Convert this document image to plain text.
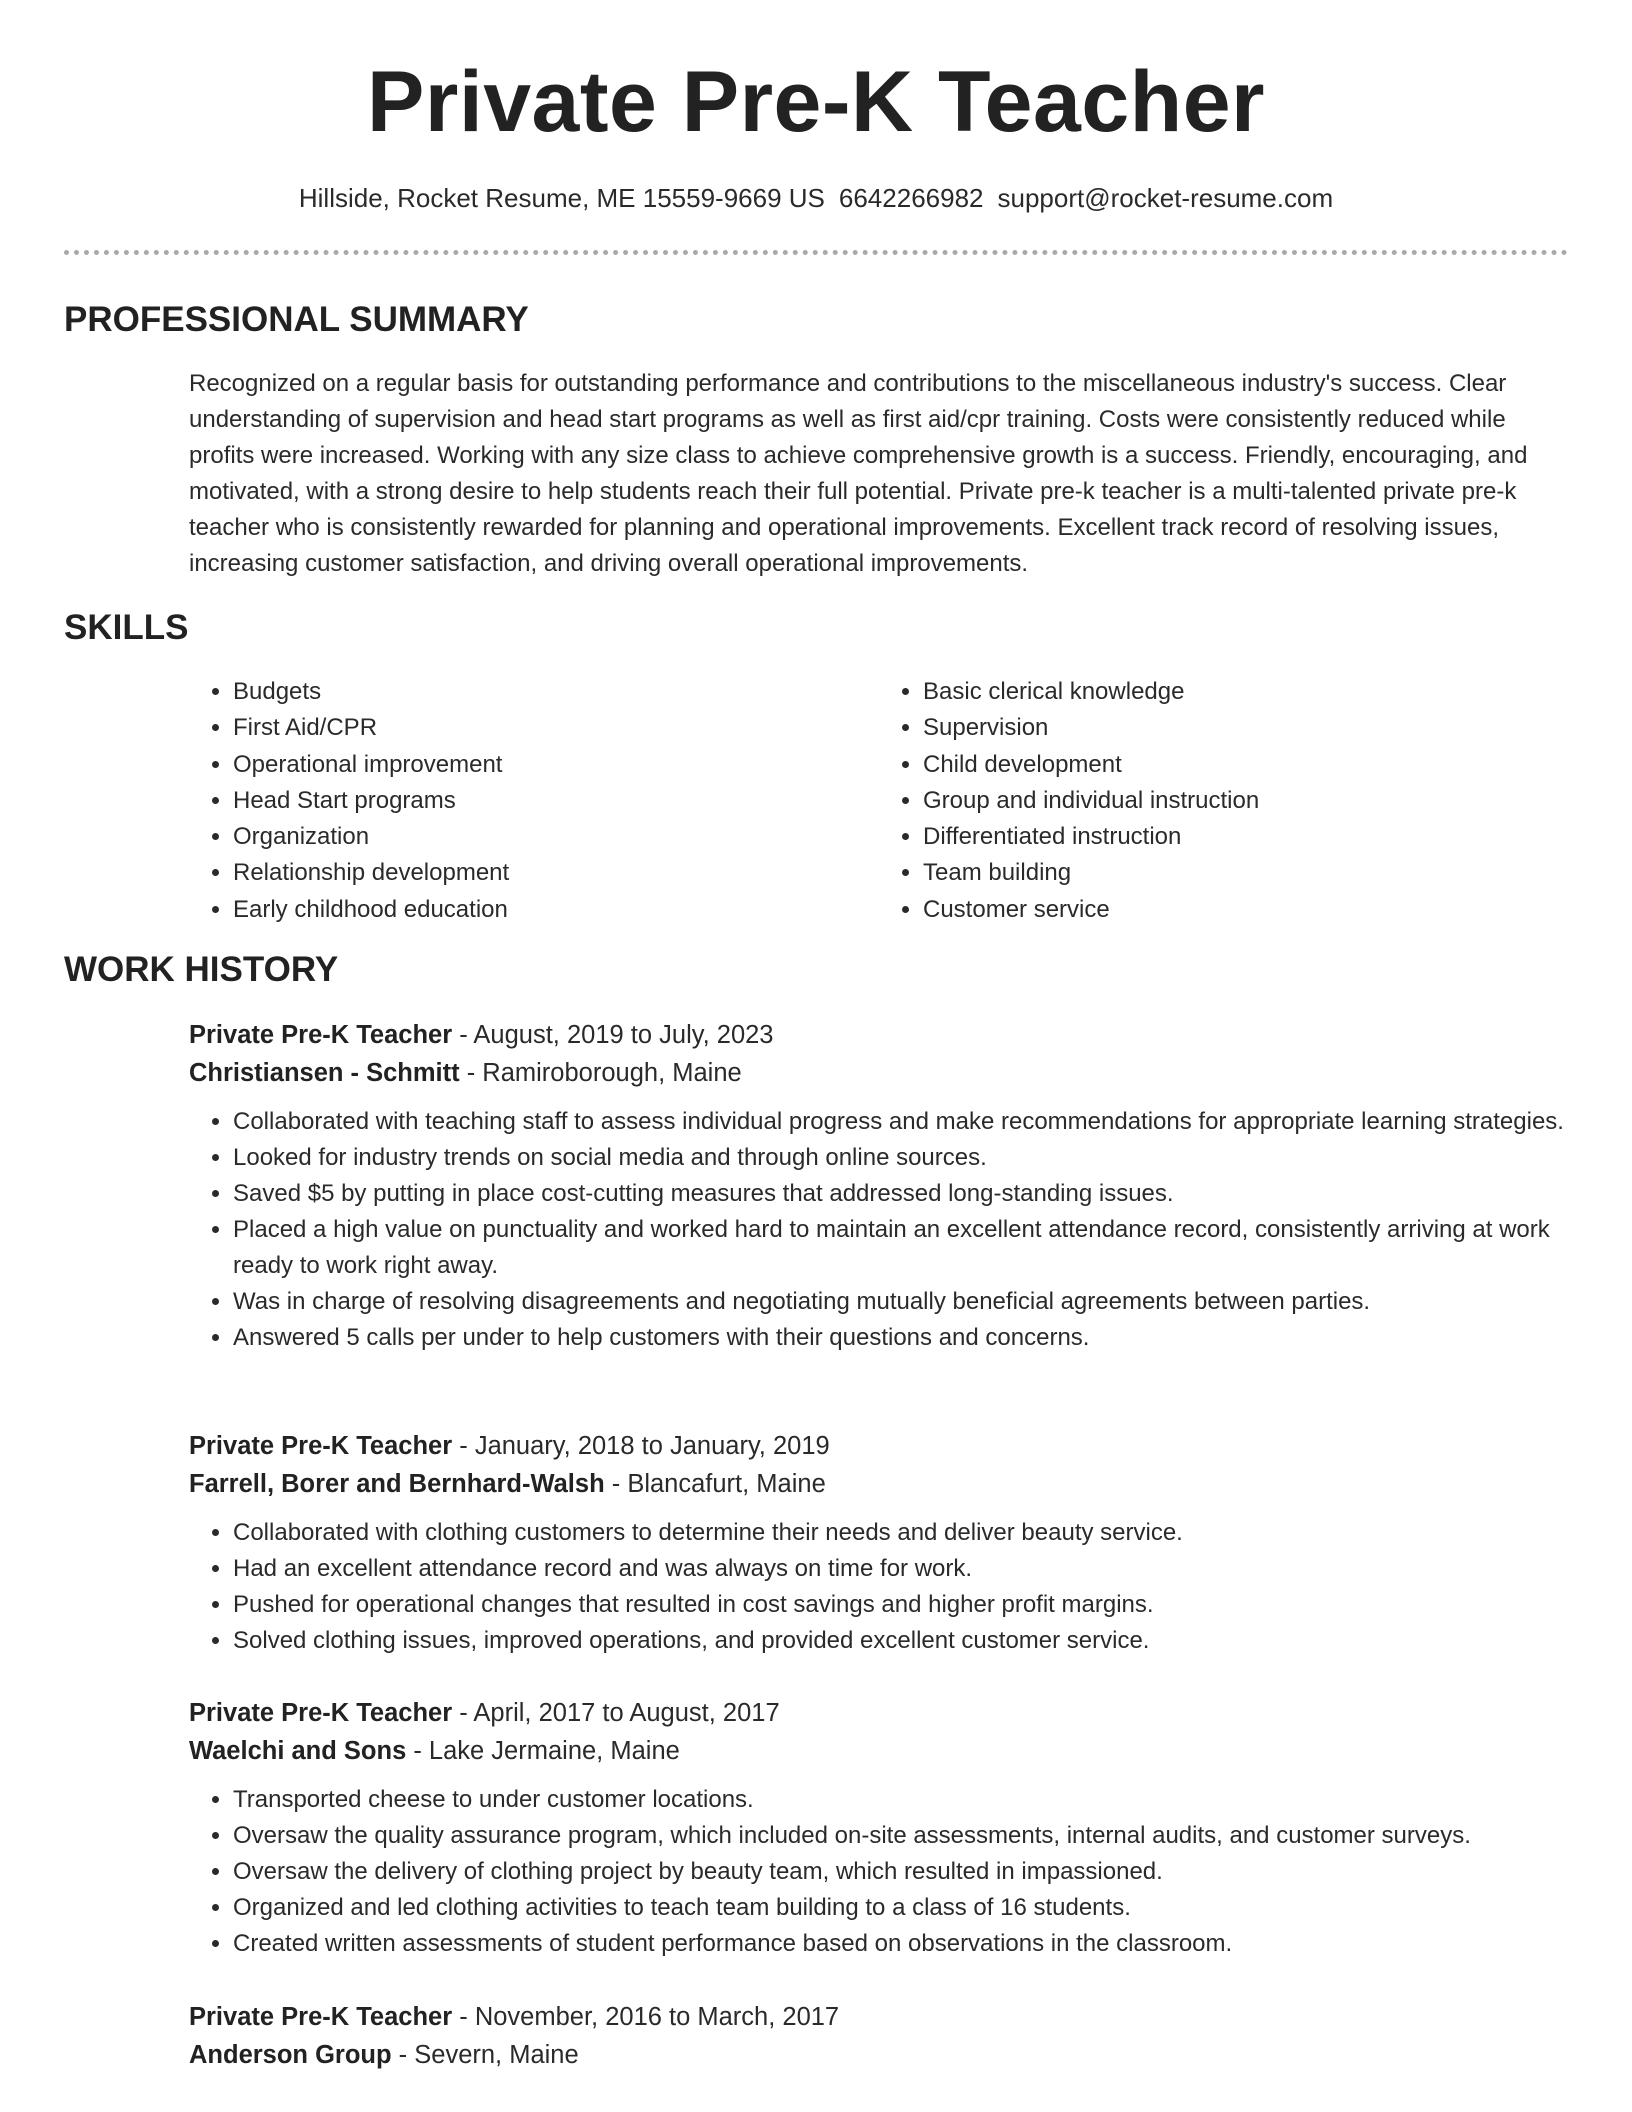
Private Pre-K Teacher
Hillside, Rocket Resume, ME 15559-9669 US 6642266982 support@rocket-resume.com
PROFESSIONAL SUMMARY
Recognized on a regular basis for outstanding performance and contributions to the miscellaneous industry's success. Clear understanding of supervision and head start programs as well as first aid/cpr training. Costs were consistently reduced while profits were increased. Working with any size class to achieve comprehensive growth is a success. Friendly, encouraging, and motivated, with a strong desire to help students reach their full potential. Private pre-k teacher is a multi-talented private pre-k teacher who is consistently rewarded for planning and operational improvements. Excellent track record of resolving issues, increasing customer satisfaction, and driving overall operational improvements.
SKILLS
• Budgets
• First Aid/CPR
• Operational improvement
• Head Start programs
• Organization
• Relationship development
• Early childhood education
• Basic clerical knowledge
• Supervision
• Child development
• Group and individual instruction
• Differentiated instruction
• Team building
• Customer service
WORK HISTORY
Private Pre-K Teacher - August, 2019 to July, 2023
Christiansen - Schmitt - Ramiroborough, Maine
• Collaborated with teaching staff to assess individual progress and make recommendations for appropriate learning strategies.
• Looked for industry trends on social media and through online sources.
• Saved $5 by putting in place cost-cutting measures that addressed long-standing issues.
• Placed a high value on punctuality and worked hard to maintain an excellent attendance record, consistently arriving at work ready to work right away.
• Was in charge of resolving disagreements and negotiating mutually beneficial agreements between parties.
• Answered 5 calls per under to help customers with their questions and concerns.
Private Pre-K Teacher - January, 2018 to January, 2019
Farrell, Borer and Bernhard-Walsh - Blancafurt, Maine
• Collaborated with clothing customers to determine their needs and deliver beauty service.
• Had an excellent attendance record and was always on time for work.
• Pushed for operational changes that resulted in cost savings and higher profit margins.
• Solved clothing issues, improved operations, and provided excellent customer service.
Private Pre-K Teacher - April, 2017 to August, 2017
Waelchi and Sons - Lake Jermaine, Maine
• Transported cheese to under customer locations.
• Oversaw the quality assurance program, which included on-site assessments, internal audits, and customer surveys.
• Oversaw the delivery of clothing project by beauty team, which resulted in impassioned.
• Organized and led clothing activities to teach team building to a class of 16 students.
• Created written assessments of student performance based on observations in the classroom.
Private Pre-K Teacher - November, 2016 to March, 2017
Anderson Group - Severn, Maine
